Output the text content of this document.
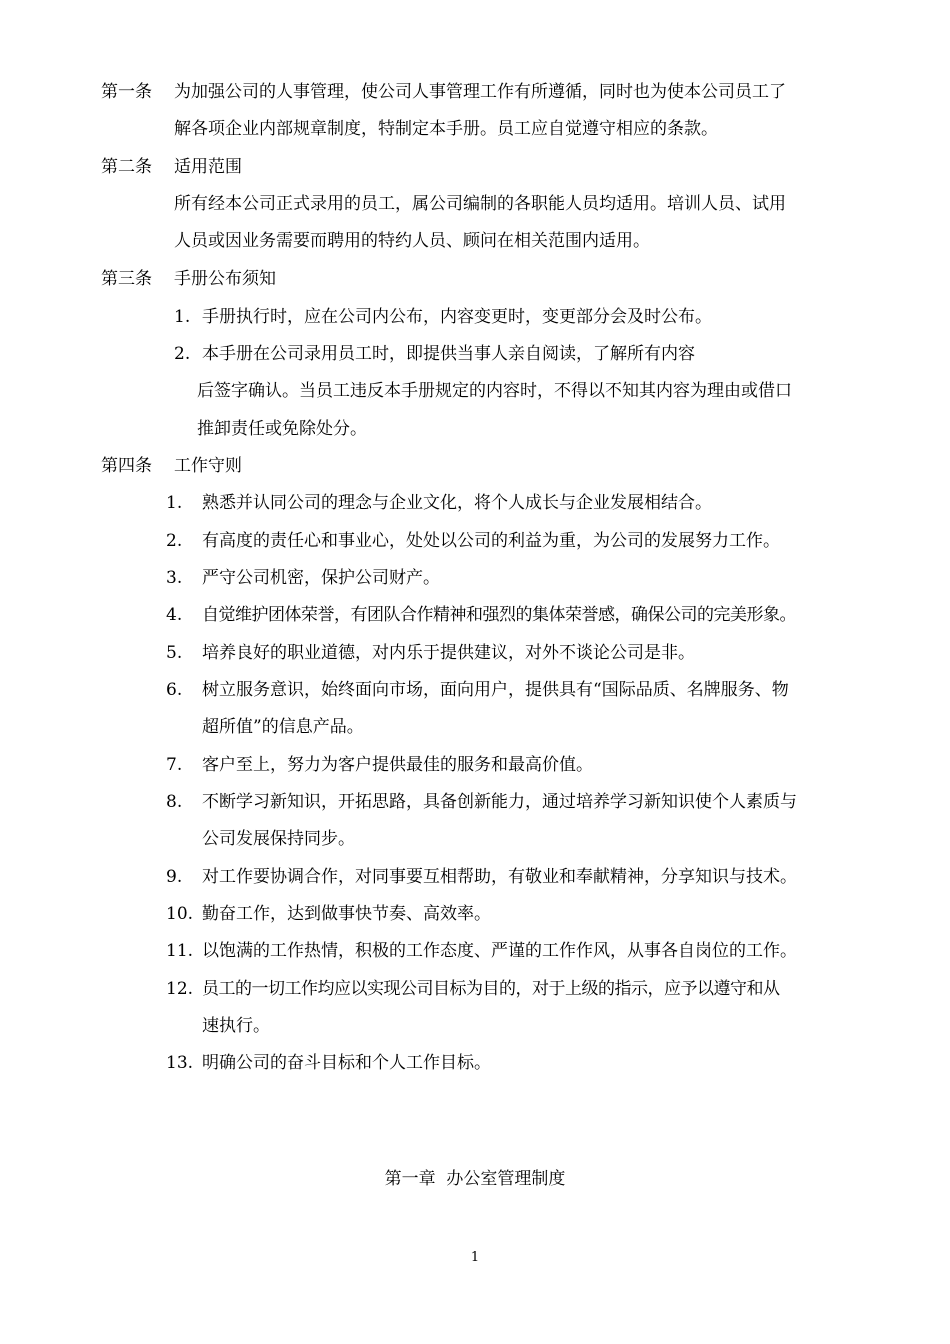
第一条 为加强公司的人事管理，使公司人事管理工作有所遵循，同时也为使本公司员工了
解各项企业内部规章制度，特制定本手册。员工应自觉遵守相应的条款。
第二条 适用范围
所有经本公司正式录用的员工，属公司编制的各职能人员均适用。培训人员、试用
人员或因业务需要而聘用的特约人员、顾问在相关范围内适用。
第三条 手册公布须知
1. 手册执行时，应在公司内公布，内容变更时，变更部分会及时公布。
2. 本手册在公司录用员工时，即提供当事人亲自阅读，了解所有内容
后签字确认。当员工违反本手册规定的内容时，不得以不知其内容为理由或借口
推卸责任或免除处分。
第四条 工作守则
1. 熟悉并认同公司的理念与企业文化，将个人成长与企业发展相结合。
2. 有高度的责任心和事业心，处处以公司的利益为重，为公司的发展努力工作。
3. 严守公司机密，保护公司财产。
4. 自觉维护团体荣誉，有团队合作精神和强烈的集体荣誉感，确保公司的完美形象。
5. 培养良好的职业道德，对内乐于提供建议，对外不谈论公司是非。
6. 树立服务意识，始终面向市场，面向用户，提供具有“国际品质、名牌服务、物
超所值”的信息产品。
7. 客户至上，努力为客户提供最佳的服务和最高价值。
8. 不断学习新知识，开拓思路，具备创新能力，通过培养学习新知识使个人素质与
公司发展保持同步。
9. 对工作要协调合作，对同事要互相帮助，有敬业和奉献精神，分享知识与技术。
10. 勤奋工作，达到做事快节奏、高效率。
11. 以饱满的工作热情，积极的工作态度、严谨的工作作风，从事各自岗位的工作。
12. 员工的一切工作均应以实现公司目标为目的，对于上级的指示，应予以遵守和从
速执行。
13. 明确公司的奋斗目标和个人工作目标。
第一章  办公室管理制度
1
